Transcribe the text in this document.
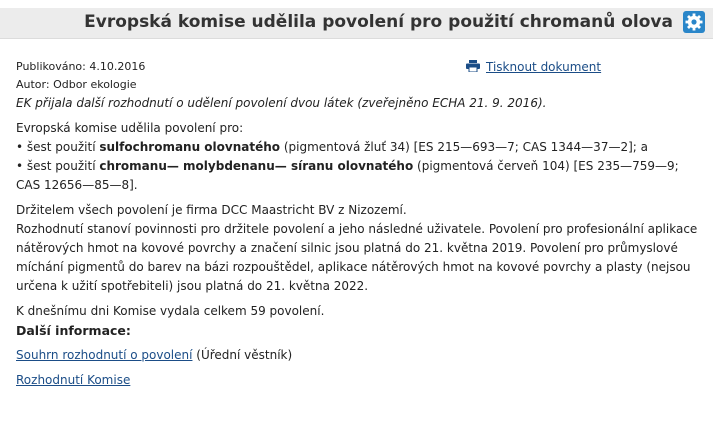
Evropská komise udělila povolení pro použití chromanů olova
Publikováno: 4.10.2016	Tisknout dokument
Autor: Odbor ekologie

EK přijala další rozhodnutí o udělení povolení dvou látek (zveřejněno ECHA 21. 9. 2016).

Evropská komise udělila povolení pro:

• šest použití sulfochromanu olovnatého (pigmentová žluť 34) [ES 215—693—7; CAS 1344—37—2]; a

• šest použití chromanu— molybdenanu— síranu olovnatého (pigmentová červeň 104) [ES 235—759—9; CAS 12656—85—8].

Držitelem všech povolení je firma DCC Maastricht BV z Nizozemí.

Rozhodnutí stanoví povinnosti pro držitele povolení a jeho následné uživatele. Povolení pro profesionální aplikace nátěrových hmot na kovové povrchy a značení silnic jsou platná do 21. května 2019. Povolení pro průmyslové míchání pigmentů do barev na bázi rozpouštědel, aplikace nátěrových hmot na kovové povrchy a plasty (nejsou určena k užití spotřebiteli) jsou platná do 21. května 2022.

K dnešnímu dni Komise vydala celkem 59 povolení.

Další informace:

Souhrn rozhodnutí o povolení (Úřední věstník)

Rozhodnutí Komise
